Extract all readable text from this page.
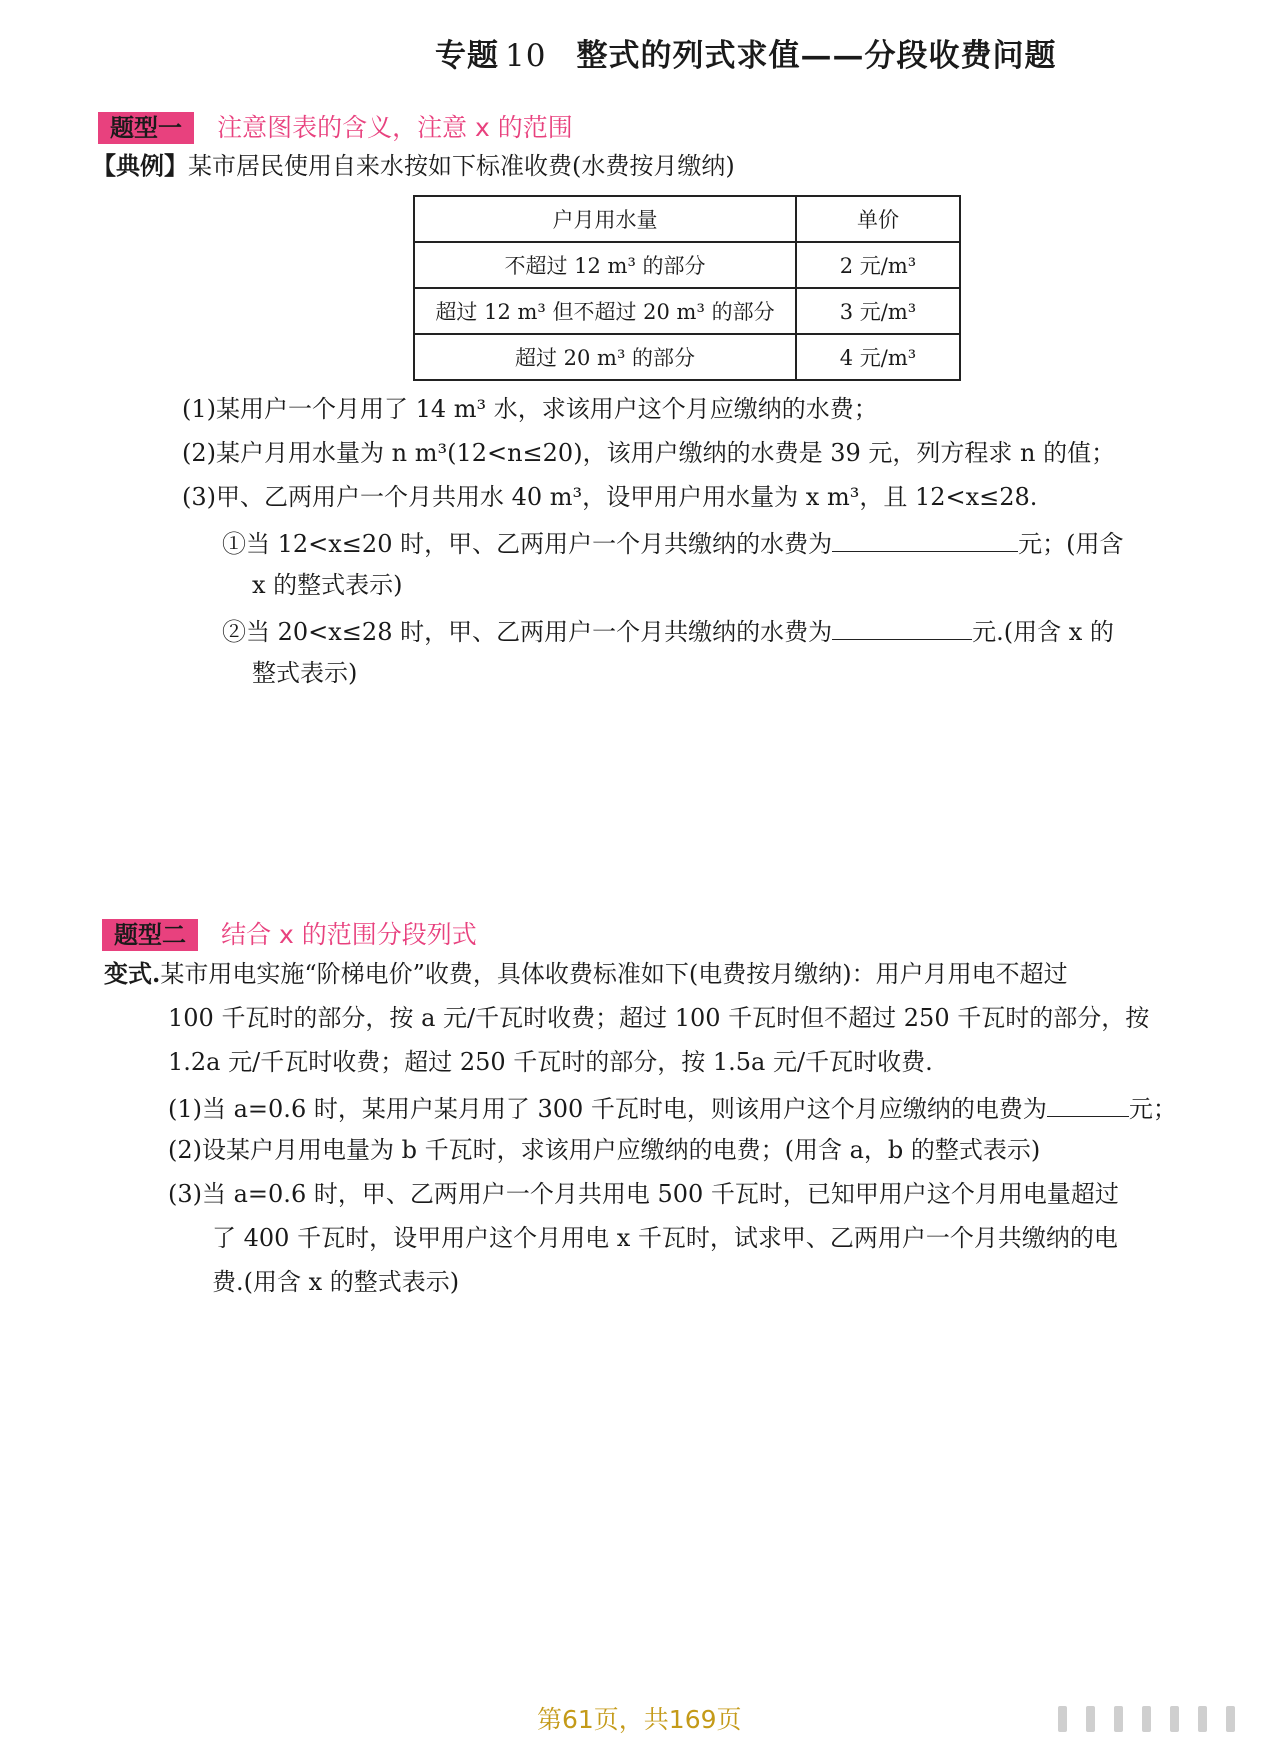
专题 10 整式的列式求值——分段收费问题
题型一 注意图表的含义，注意 x 的范围
【典例】某市居民使用自来水按如下标准收费(水费按月缴纳)
户月用水量	单价
不超过 12 m³ 的部分	2 元/m³
超过 12 m³ 但不超过 20 m³ 的部分	3 元/m³
超过 20 m³ 的部分	4 元/m³
(1)某用户一个月用了 14 m³ 水，求该用户这个月应缴纳的水费；
(2)某户月用水量为 n m³(12<n≤20)，该用户缴纳的水费是 39 元，列方程求 n 的值；
(3)甲、乙两用户一个月共用水 40 m³，设甲用户用水量为 x m³，且 12<x≤28.
①当 12<x≤20 时，甲、乙两用户一个月共缴纳的水费为	元；(用含
x 的整式表示)
②当 20<x≤28 时，甲、乙两用户一个月共缴纳的水费为	元.(用含 x 的
整式表示)
题型二 结合 x 的范围分段列式
变式.某市用电实施“阶梯电价”收费，具体收费标准如下(电费按月缴纳)：用户月用电不超过
100 千瓦时的部分，按 a 元/千瓦时收费；超过 100 千瓦时但不超过 250 千瓦时的部分，按
1.2a 元/千瓦时收费；超过 250 千瓦时的部分，按 1.5a 元/千瓦时收费.
(1)当 a=0.6 时，某用户某月用了 300 千瓦时电，则该用户这个月应缴纳的电费为	元；
(2)设某户月用电量为 b 千瓦时，求该用户应缴纳的电费；(用含 a，b 的整式表示)
(3)当 a=0.6 时，甲、乙两用户一个月共用电 500 千瓦时，已知甲用户这个月用电量超过
了 400 千瓦时，设甲用户这个月用电 x 千瓦时，试求甲、乙两用户一个月共缴纳的电
费.(用含 x 的整式表示)
第61页，共169页
